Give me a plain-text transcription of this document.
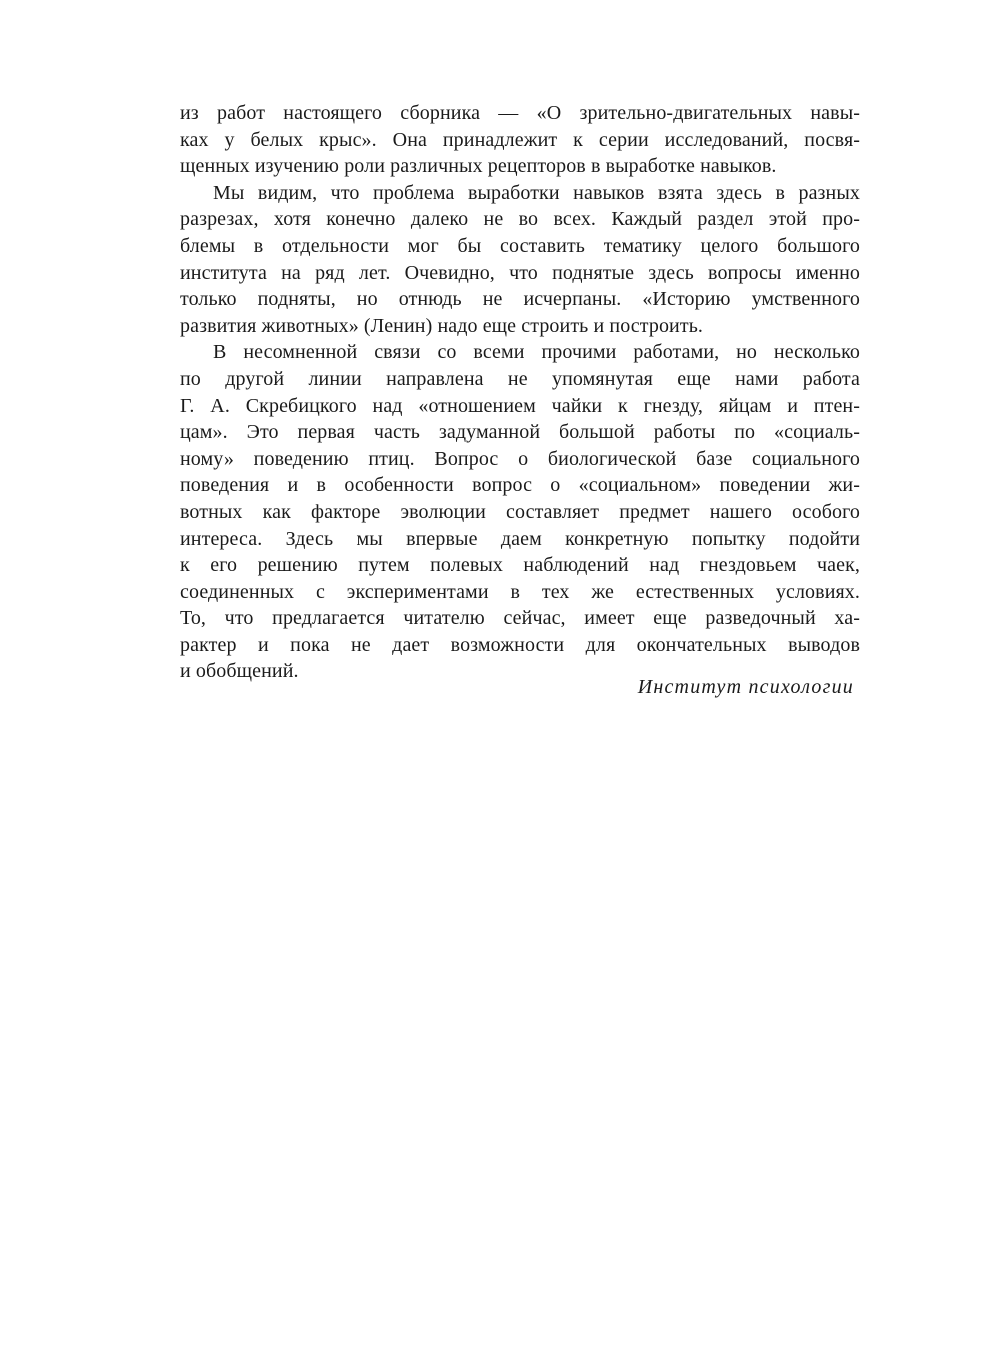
из работ настоящего сборника — «О зрительно-двигательных навы-
ках у белых крыс». Она принадлежит к серии исследований, посвя-
щенных изучению роли различных рецепторов в выработке навыков.
Мы видим, что проблема выработки навыков взята здесь в разных
разрезах, хотя конечно далеко не во всех. Каждый раздел этой про-
блемы в отдельности мог бы составить тематику целого большого
института на ряд лет. Очевидно, что поднятые здесь вопросы именно
только подняты, но отнюдь не исчерпаны. «Историю умственного
развития животных» (Ленин) надо еще строить и построить.
В несомненной связи со всеми прочими работами, но несколько
по другой линии направлена не упомянутая еще нами работа
Г. А. Скребицкого над «отношением чайки к гнезду, яйцам и птен-
цам». Это первая часть задуманной большой работы по «социаль-
ному» поведению птиц. Вопрос о биологической базе социального
поведения и в особенности вопрос о «социальном» поведении жи-
вотных как факторе эволюции составляет предмет нашего особого
интереса. Здесь мы впервые даем конкретную попытку подойти
к его решению путем полевых наблюдений над гнездовьем чаек,
соединенных с экспериментами в тех же естественных условиях.
То, что предлагается читателю сейчас, имеет еще разведочный ха-
рактер и пока не дает возможности для окончательных выводов
и обобщений.
Институт психологии
